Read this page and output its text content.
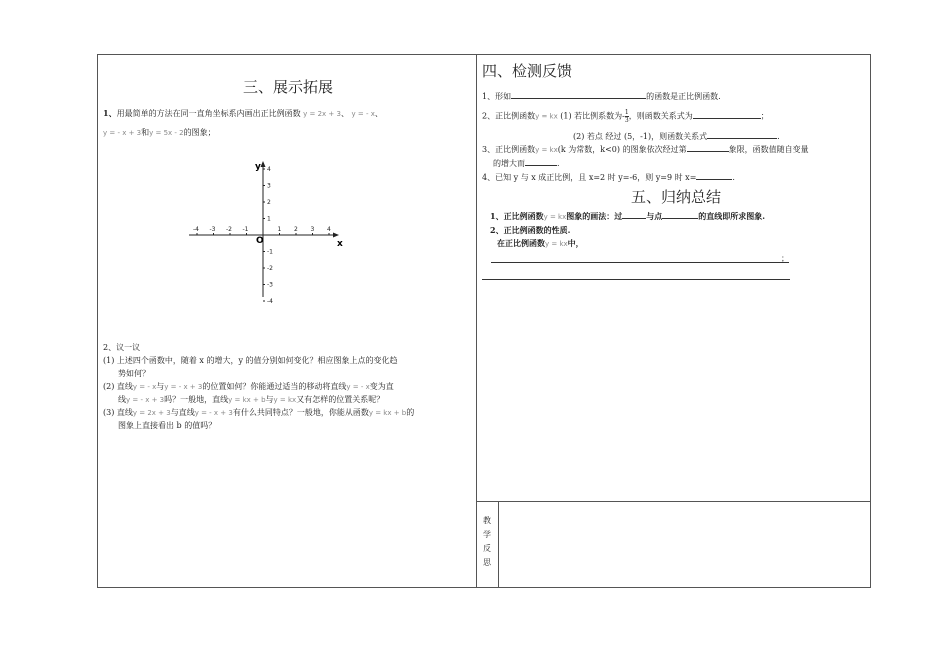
三、展示拓展
1、用最简单的方法在同一直角坐标系内画出正比例函数 y = 2x + 3、 y = - x、
y = - x + 3和y = 5x - 2的图象；
-4 -3 -2 -1	1 2 3 4
4
3
2
1
-1
-2
-3
-4
y
x
O
2、议一议
(1) 上述四个函数中，随着 x 的增大，y 的值分别如何变化？相应图象上点的变化趋
势如何？
(2) 直线y = - x与y = - x + 3的位置如何？你能通过适当的移动将直线y = - x变为直
线y = - x + 3吗？一般地，直线y = kx + b与y = kx又有怎样的位置关系呢？
(3) 直线y = 2x + 3与直线y = - x + 3有什么共同特点？一般地，你能从函数y = kx + b的
图象上直接看出 b 的值吗？
四、检测反馈
1、形如	的函数是正比例函数.
2、正比例函数y = kx (1) 若比例系数为- $\frac{1}{3}$ ，则函数关系式为	；
(2) 若点 经过 (5，-1)，则函数关系式	.
3、正比例函数y = kx(k 为常数，k<0) 的图象依次经过第	象限，函数值随自变量
的增大而	.
4、已知 y 与 x 成正比例，且 x=2 时 y=-6，则 y=9 时 x=	.
五、归纳总结
1、正比例函数y = kx图象的画法：过	与点	的直线即所求图象.
2、正比例函数的性质.
在正比例函数y = kx中，
；
教
学
反
思
